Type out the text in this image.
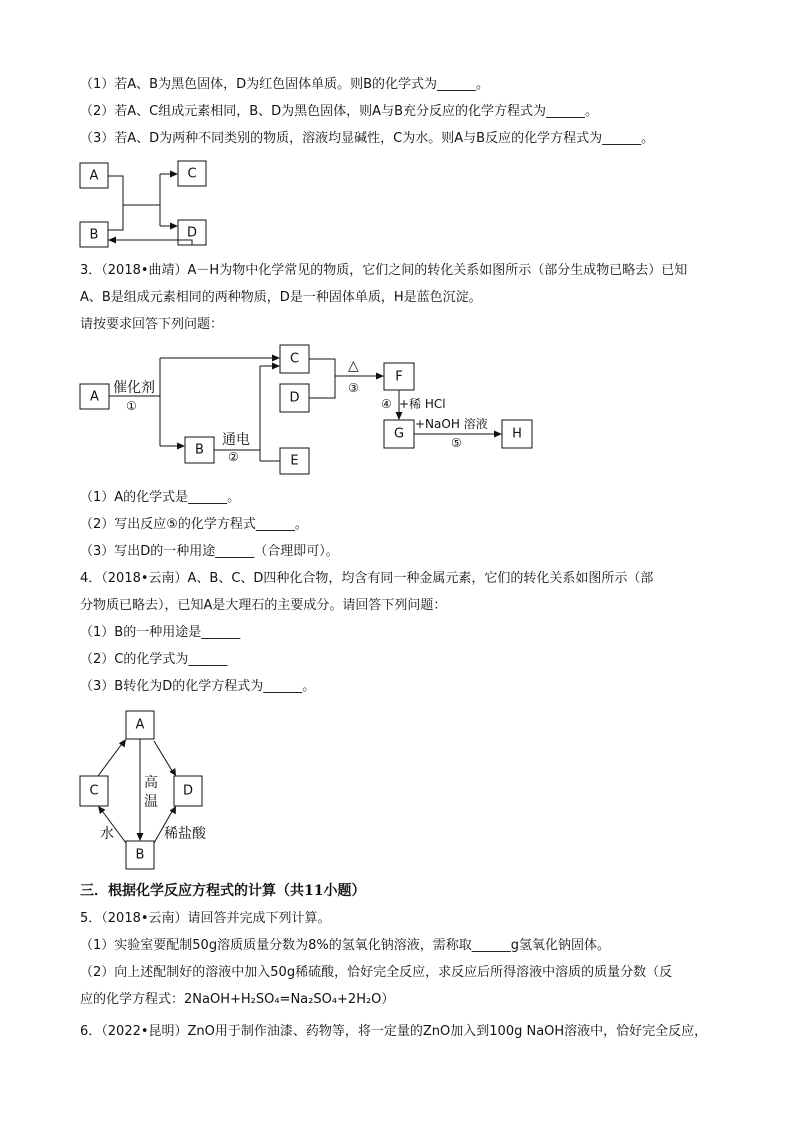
（1）若A、B为黑色固体，D为红色固体单质。则B的化学式为______。
（2）若A、C组成元素相同，B、D为黑色固体，则A与B充分反应的化学方程式为______。
（3）若A、D为两种不同类别的物质，溶液均显碱性，C为水。则A与B反应的化学方程式为______。
A
B
C
D
3．（2018•曲靖）A－H为物中化学常见的物质，它们之间的转化关系如图所示（部分生成物已略去）已知
A、B是组成元素相同的两种物质，D是一种固体单质，H是蓝色沉淀。
请按要求回答下列问题：
A
催化剂
①
B
通电
②
C
D
E
△
③
F
④ +稀 HCl
G
+NaOH 溶液
⑤
H
（1）A的化学式是______。
（2）写出反应⑤的化学方程式______。
（3）写出D的一种用途______（合理即可）。
4．（2018•云南）A、B、C、D四种化合物，均含有同一种金属元素，它们的转化关系如图所示（部
分物质已略去），已知A是大理石的主要成分。请回答下列问题：
（1）B的一种用途是______
（2）C的化学式为______
（3）B转化为D的化学方程式为______。
A
C	D
B
高
温
水	稀盐酸
三．根据化学反应方程式的计算（共11小题）
5．（2018•云南）请回答并完成下列计算。
（1）实验室要配制50g溶质质量分数为8%的氢氧化钠溶液，需称取______g氢氧化钠固体。
（2）向上述配制好的溶液中加入50g稀硫酸，恰好完全反应，求反应后所得溶液中溶质的质量分数（反
应的化学方程式：2NaOH+H₂SO₄=Na₂SO₄+2H₂O）
6．（2022•昆明）ZnO用于制作油漆、药物等，将一定量的ZnO加入到100g NaOH溶液中，恰好完全反应，
